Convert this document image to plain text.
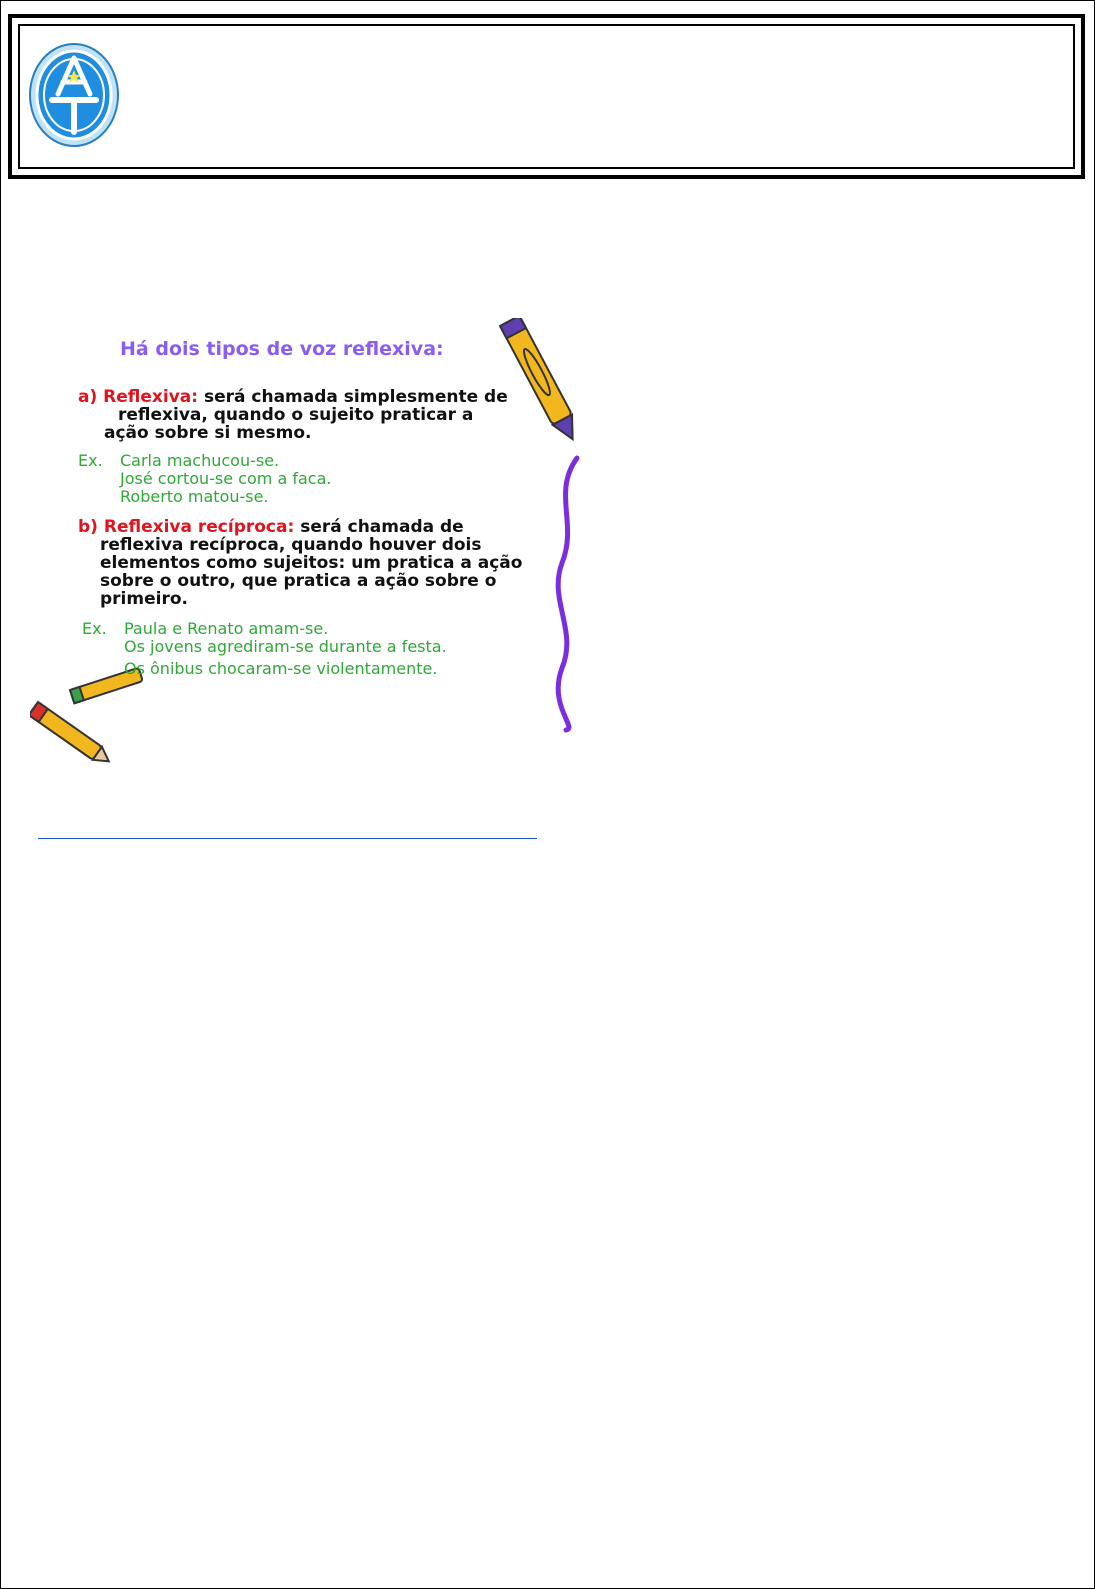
Há dois tipos de voz reflexiva:
a) Reflexiva: será chamada simplesmente de
reflexiva, quando o sujeito praticar a
ação sobre si mesmo.
Ex. Carla machucou-se.
José cortou-se com a faca.
Roberto matou-se.
b) Reflexiva recíproca: será chamada de
reflexiva recíproca, quando houver dois
elementos como sujeitos: um pratica a ação
sobre o outro, que pratica a ação sobre o
primeiro.
Ex. Paula e Renato amam-se.
Os jovens agrediram-se durante a festa.
Os ônibus chocaram-se violentamente.
